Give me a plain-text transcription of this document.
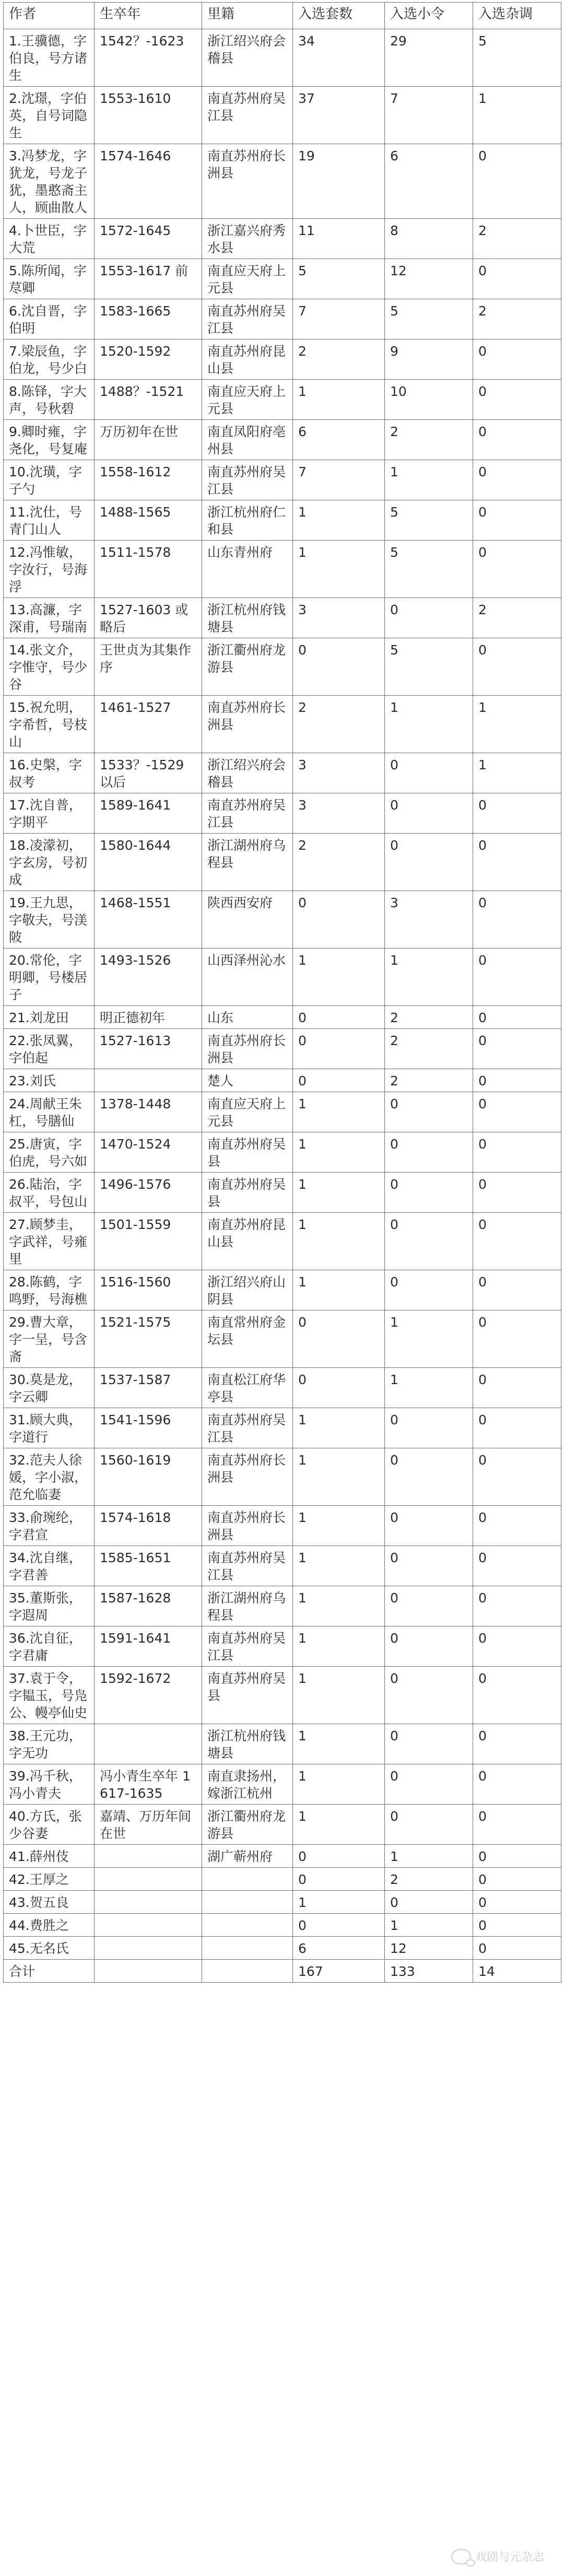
作者	生卒年	里籍	入选套数	入选小令	入选杂调
1.王骥德，字伯良，号方诸生	1542？-1623	浙江绍兴府会稽县	34	29	5
2.沈璟，字伯英，自号词隐生	1553-1610	南直苏州府吴江县	37	7	1
3.冯梦龙，字犹龙，号龙子犹，墨憨斋主人，顾曲散人	1574-1646	南直苏州府长洲县	19	6	0
4.卜世臣，字大荒	1572-1645	浙江嘉兴府秀水县	11	8	2
5.陈所闻，字荩卿	1553-1617 前	南直应天府上元县	5	12	0
6.沈自晋，字伯明	1583-1665	南直苏州府吴江县	7	5	2
7.梁辰鱼，字伯龙，号少白	1520-1592	南直苏州府昆山县	2	9	0
8.陈铎，字大声，号秋碧	1488？-1521	南直应天府上元县	1	10	0
9.卿时雍，字尧化，号复庵	万历初年在世	南直凤阳府亳州县	6	2	0
10.沈璜，字子勺	1558-1612	南直苏州府吴江县	7	1	0
11.沈仕，号青门山人	1488-1565	浙江杭州府仁和县	1	5	0
12.冯惟敏，字汝行，号海浮	1511-1578	山东青州府	1	5	0
13.高濂，字深甫，号瑞南	1527-1603 或略后	浙江杭州府钱塘县	3	0	2
14.张文介，字惟守，号少谷	王世贞为其集作序	浙江衢州府龙游县	0	5	0
15.祝允明，字希哲，号枝山	1461-1527	南直苏州府长洲县	2	1	1
16.史槃，字叔考	1533？-1529 以后	浙江绍兴府会稽县	3	0	1
17.沈自普，字期平	1589-1641	南直苏州府吴江县	3	0	0
18.凌濛初，字玄房，号初成	1580-1644	浙江湖州府乌程县	2	0	0
19.王九思，字敬夫，号渼陂	1468-1551	陕西西安府	0	3	0
20.常伦，字明卿，号楼居子	1493-1526	山西泽州沁水	1	1	0
21.刘龙田	明正德初年	山东	0	2	0
22.张凤翼，字伯起	1527-1613	南直苏州府长洲县	0	2	0
23.刘氏		楚人	0	2	0
24.周献王朱杠，号膳仙	1378-1448	南直应天府上元县	1	0	0
25.唐寅，字伯虎，号六如	1470-1524	南直苏州府吴县	1	0	0
26.陆治，字叔平，号包山	1496-1576	南直苏州府吴县	1	0	0
27.顾梦圭，字武祥，号雍里	1501-1559	南直苏州府昆山县	1	0	0
28.陈鹤，字鸣野，号海樵	1516-1560	浙江绍兴府山阴县	1	0	0
29.曹大章，字一呈，号含斋	1521-1575	南直常州府金坛县	0	1	0
30.莫是龙，字云卿	1537-1587	南直松江府华亭县	0	1	0
31.顾大典，字道行	1541-1596	南直苏州府吴江县	1	0	0
32.范夫人徐媛，字小淑，范允临妻	1560-1619	南直苏州府长洲县	1	0	0
33.俞琬纶，字君宣	1574-1618	南直苏州府长洲县	1	0	0
34.沈自继，字君善	1585-1651	南直苏州府吴江县	1	0	0
35.董斯张，字遐周	1587-1628	浙江湖州府乌程县	1	0	0
36.沈自征，字君庸	1591-1641	南直苏州府吴江县	1	0	0
37.袁于令，字韫玉，号凫公、幔亭仙史	1592-1672	南直苏州府吴县	1	0	0
38.王元功，字无功		浙江杭州府钱塘县	1	0	0
39.冯千秋，冯小青夫	冯小青生卒年 1617-1635	南直隶扬州，嫁浙江杭州	1	0	0
40.方氏，张少谷妻	嘉靖、万历年间在世	浙江衢州府龙游县	1	0	0
41.薛州伎		湖广蕲州府	0	1	0
42.王厚之			0	2	0
43.贺五良			1	0	0
44.费胜之			0	1	0
45.无名氏			6	12	0
合计			167	133	14
戏剧与元杂志
